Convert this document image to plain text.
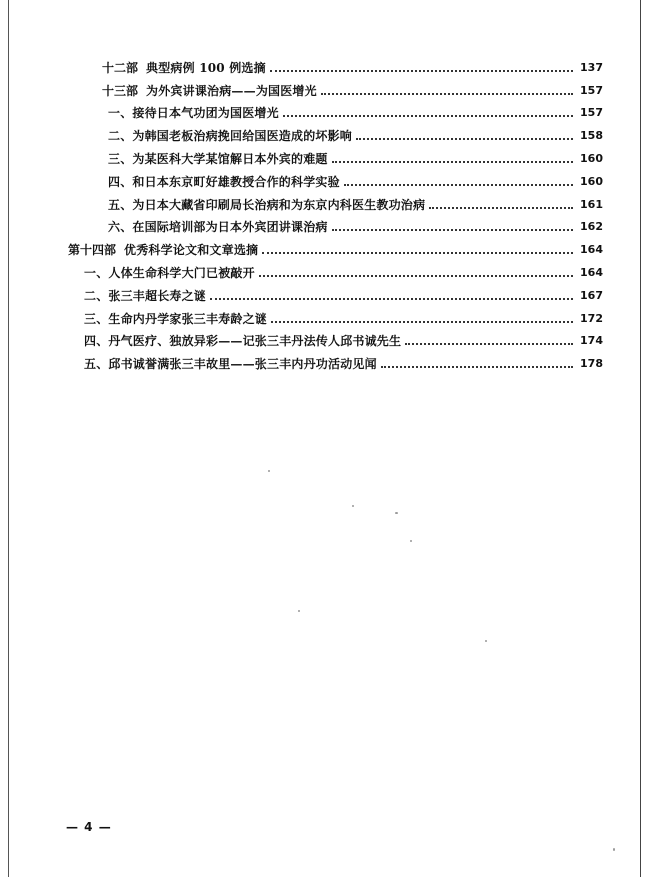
十二部 典型病例 100 例选摘	137
十三部 为外宾讲课治病——为国医增光	157
一、接待日本气功团为国医增光	157
二、为韩国老板治病挽回给国医造成的坏影响	158
三、为某医科大学某馆解日本外宾的难题	160
四、和日本东京町好雄教授合作的科学实验	160
五、为日本大藏省印刷局长治病和为东京内科医生教功治病	161
六、在国际培训部为日本外宾团讲课治病	162
第十四部 优秀科学论文和文章选摘	164
一、人体生命科学大门已被敲开	164
二、张三丰超长寿之谜	167
三、生命内丹学家张三丰寿龄之谜	172
四、丹气医疗、独放异彩——记张三丰丹法传人邱书诚先生	174
五、邱书诚誉满张三丰故里——张三丰内丹功活动见闻	178
— 4 —
